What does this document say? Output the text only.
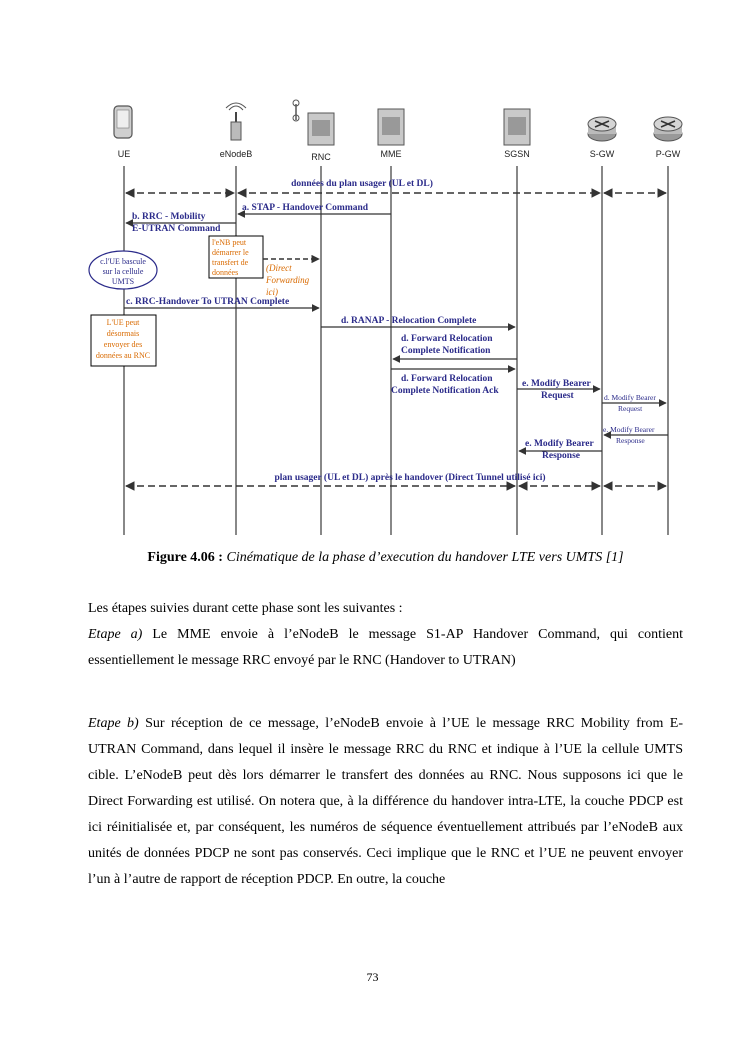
UE	eNodeB	RNC	MME	SGSN	S-GW	P-GW
données du plan usager (UL et DL)
a. STAP - Handover Command
b. RRC - Mobility
E-UTRAN Command
l'eNB peut
démarrer le
transfert de
données	(Direct
Forwarding
ici)
c.l'UE bascule
sur la cellule
UMTS
c. RRC-Handover To UTRAN Complete
d. RANAP - Relocation Complete
L'UE peut
désormais
envoyer des
données au RNC
d. Forward Relocation
Complete Notification
d. Forward Relocation
Complete Notification Ack
e. Modify Bearer
Request	d. Modify Bearer
Request
e. Modify Bearer
Response
e. Modify Bearer
Response
plan usager (UL et DL) après le handover (Direct Tunnel utilisé ici)
Figure 4.06 : Cinématique de la phase d’execution du handover LTE vers UMTS [1]
Les étapes suivies durant cette phase sont les suivantes :
Etape a) Le MME envoie à l’eNodeB le message S1-AP Handover Command, qui contient essentiellement le message RRC envoyé par le RNC (Handover to UTRAN)
Etape b) Sur réception de ce message, l’eNodeB envoie à l’UE le message RRC Mobility from E-UTRAN Command, dans lequel il insère le message RRC du RNC et indique à l’UE la cellule UMTS cible. L’eNodeB peut dès lors démarrer le transfert des données au RNC. Nous supposons ici que le Direct Forwarding est utilisé. On notera que, à la différence du handover intra-LTE, la couche PDCP est ici réinitialisée et, par conséquent, les numéros de séquence éventuellement attribués par l’eNodeB aux unités de données PDCP ne sont pas conservés. Ceci implique que le RNC et l’UE ne peuvent envoyer l’un à l’autre de rapport de réception PDCP. En outre, la couche
73
